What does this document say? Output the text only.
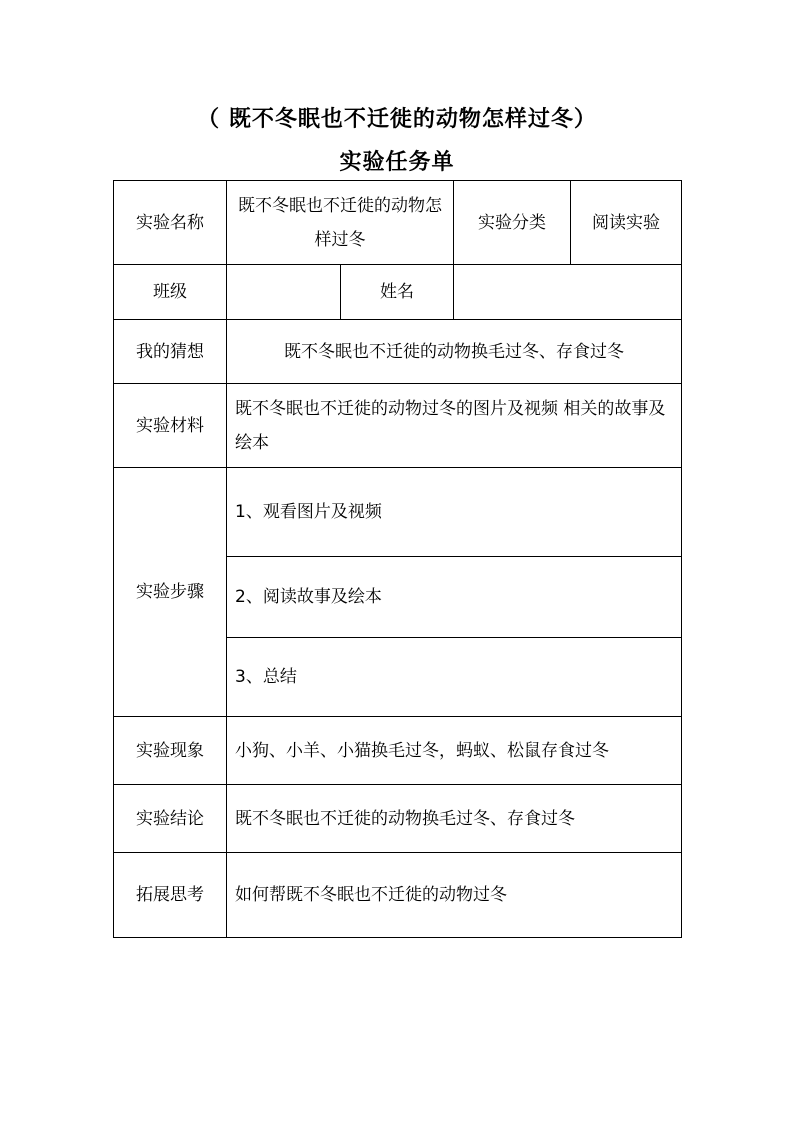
（ 既不冬眠也不迁徙的动物怎样过冬）
实验任务单
实验名称	既不冬眠也不迁徙的动物怎样过冬		实验分类	阅读实验
班级		姓名		
我的猜想	既不冬眠也不迁徙的动物换毛过冬、存食过冬			
实验材料	既不冬眠也不迁徙的动物过冬的图片及视频 相关的故事及绘本			
实验步骤	1、观看图片及视频			
	2、阅读故事及绘本			
	3、总结			
实验现象	小狗、小羊、小猫换毛过冬，蚂蚁、松鼠存食过冬			
实验结论	既不冬眠也不迁徙的动物换毛过冬、存食过冬			
拓展思考	如何帮既不冬眠也不迁徙的动物过冬			
